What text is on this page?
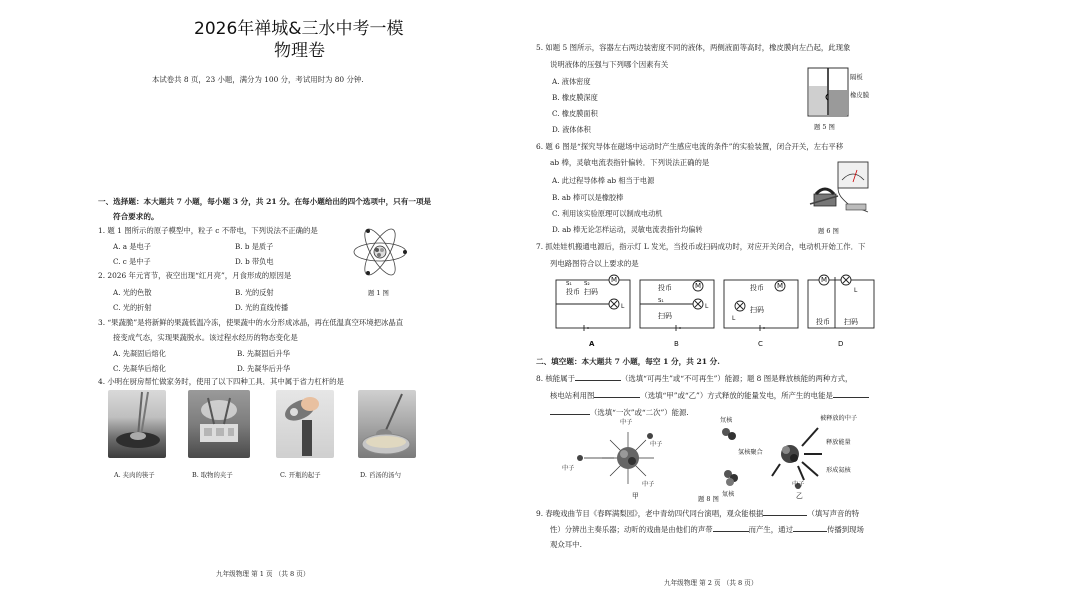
2026年禅城&三水中考一模
物理卷
本试卷共 8 页，23 小题，满分为 100 分，考试用时为 80 分钟.
一、选择题：本大题共 7 小题，每小题 3 分，共 21 分。在每小题给出的四个选项中，只有一项是
符合要求的。
1. 题 1 图所示的原子模型中，粒子 c 不带电，下列说法不正确的是
A. a 是电子	B. b 是质子
C. c 是中子	D. b 带负电
题 1 图
2. 2026 年元宵节，夜空出现“红月亮”，月食形成的原因是
A. 光的色散	B. 光的反射
C. 光的折射	D. 光的直线传播
3. “果蔬脆”是将新鲜的果蔬低温冷冻，使果蔬中的水分形成冰晶，再在低温真空环境把冰晶直
接变成气态，实现果蔬脱水。该过程水经历的物态变化是
A. 先凝固后熔化	B. 先凝固后升华
C. 先凝华后熔化	D. 先凝华后升华
4. 小明在厨房帮忙做家务时，使用了以下四种工具．其中属于省力杠杆的是
A. 夹肉的筷子	B. 取物的夹子	C. 开瓶的起子	D. 舀汤的汤勺
九年级物理 第 1 页 （共 8 页）
5. 如题 5 图所示，容器左右两边装密度不同的液体，两侧液面等高时，橡皮膜向左凸起，此现象
说明液体的压强与下列哪个因素有关
A. 液体密度
B. 橡皮膜深度
C. 橡皮膜面积
D. 液体体积
隔板
橡皮膜
题 5 图
6. 题 6 图是“探究导体在磁场中运动时产生感应电流的条件”的实验装置，闭合开关，左右平移
ab 棒，灵敏电流表指针偏转．下列说法正确的是
A. 此过程导体棒 ab 相当于电源
B. ab 棒可以是橡胶棒
C. 利用该实验原理可以制成电动机
D. ab 棒无论怎样运动，灵敏电流表指针均偏转	题 6 图
7. 抓娃娃机搬通电源后，指示灯 L 发光，当投币或扫码成功时，对应开关闭合，电动机开始工作．下
列电路图符合以上要求的是
M
投币 扫码
S₁ S₂
L
投币
S₁
M
扫码
L
投币 M
扫码
L
M
L
投币 扫码
A	B	C	D
二、填空题：本大题共 7 小题，每空 1 分，共 21 分.
8. 核能属于	（选填“可再生”或“不可再生”）能源；题 8 图是释放核能的两种方式，
核电站利用图	（选填“甲”或“乙”）方式释放的能量发电，所产生的电能是
（选填“一次”或“二次”）能源.
中子
中子
中子
中子
氘核
氢核聚合
氚核
被释放的中子
释放能量
形成氦核
中子
甲	乙
题 8 图
9. 春晚戏曲节目《春晖满梨园》，老中青幼四代同台演唱，观众能根据	（填写声音的特
性）分辨出主奏乐器；动听的戏曲是由他们的声带	而产生，通过	传播到现场
观众耳中.
九年级物理 第 2 页 （共 8 页）
